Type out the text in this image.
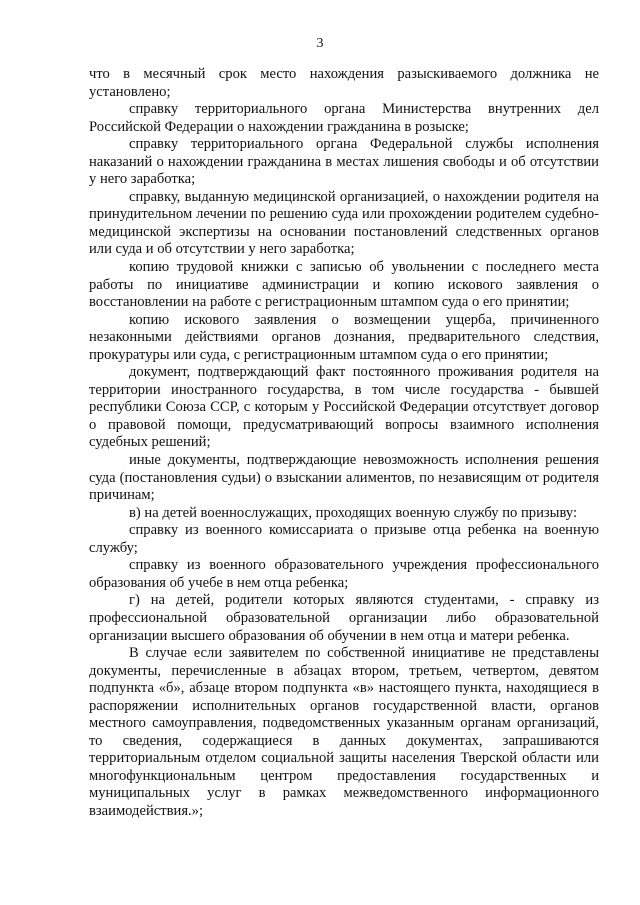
3

что в месячный срок место нахождения разыскиваемого должника не установлено;

справку территориального органа Министерства внутренних дел Российской Федерации о нахождении гражданина в розыске;

справку территориального органа Федеральной службы исполнения наказаний о нахождении гражданина в местах лишения свободы и об отсутствии у него заработка;

справку, выданную медицинской организацией, о нахождении родителя на принудительном лечении по решению суда или прохождении родителем судебно-медицинской экспертизы на основании постановлений следственных органов или суда и об отсутствии у него заработка;

копию трудовой книжки с записью об увольнении с последнего места работы по инициативе администрации и копию искового заявления о восстановлении на работе с регистрационным штампом суда о его принятии;

копию искового заявления о возмещении ущерба, причиненного незаконными действиями органов дознания, предварительного следствия, прокуратуры или суда, с регистрационным штампом суда о его принятии;

документ, подтверждающий факт постоянного проживания родителя на территории иностранного государства, в том числе государства - бывшей республики Союза ССР, с которым у Российской Федерации отсутствует договор о правовой помощи, предусматривающий вопросы взаимного исполнения судебных решений;

иные документы, подтверждающие невозможность исполнения решения суда (постановления судьи) о взыскании алиментов, по независящим от родителя причинам;

в) на детей военнослужащих, проходящих военную службу по призыву:

справку из военного комиссариата о призыве отца ребенка на военную службу;

справку из военного образовательного учреждения профессионального образования об учебе в нем отца ребенка;

г) на детей, родители которых являются студентами, - справку из профессиональной образовательной организации либо образовательной организации высшего образования об обучении в нем отца и матери ребенка.

В случае если заявителем по собственной инициативе не представлены документы, перечисленные в абзацах втором, третьем, четвертом, девятом подпункта «б», абзаце втором подпункта «в» настоящего пункта, находящиеся в распоряжении исполнительных органов государственной власти, органов местного самоуправления, подведомственных указанным органам организаций, то сведения, содержащиеся в данных документах, запрашиваются территориальным отделом социальной защиты населения Тверской области или многофункциональным центром предоставления государственных и муниципальных услуг в рамках межведомственного информационного взаимодействия.»;
